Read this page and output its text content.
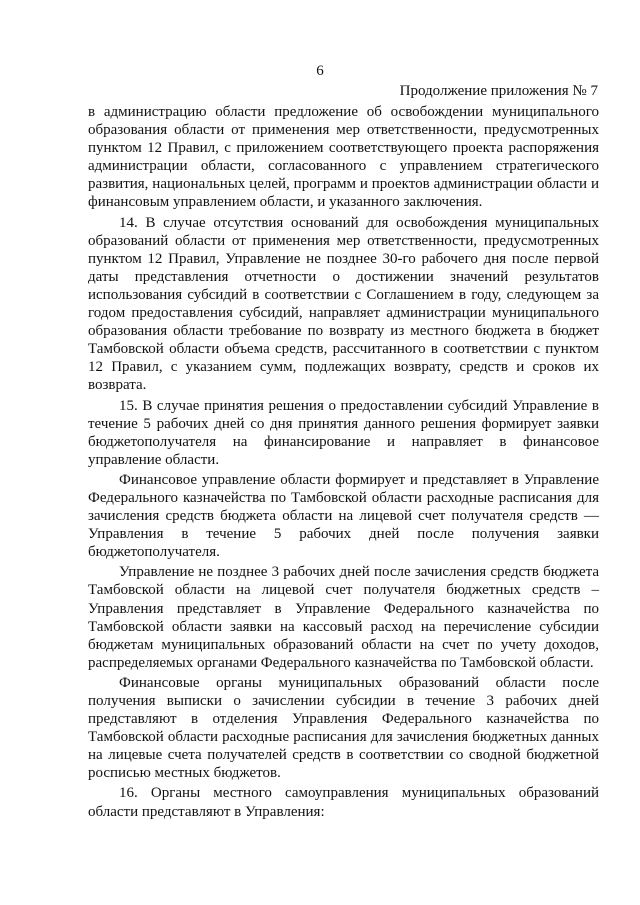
6
Продолжение приложения № 7

в администрацию области предложение об освобождении муниципального образования области от применения мер ответственности, предусмотренных пунктом 12 Правил, с приложением соответствующего проекта распоряжения администрации области, согласованного с управлением стратегического развития, национальных целей, программ и проектов администрации области и финансовым управлением области, и указанного заключения.

14. В случае отсутствия оснований для освобождения муниципальных образований области от применения мер ответственности, предусмотренных пунктом 12 Правил, Управление не позднее 30-го рабочего дня после первой даты представления отчетности о достижении значений результатов использования субсидий в соответствии с Соглашением в году, следующем за годом предоставления субсидий, направляет администрации муниципального образования области требование по возврату из местного бюджета в бюджет Тамбовской области объема средств, рассчитанного в соответствии с пунктом 12 Правил, с указанием сумм, подлежащих возврату, средств и сроков их возврата.

15. В случае принятия решения о предоставлении субсидий Управление в течение 5 рабочих дней со дня принятия данного решения формирует заявки бюджетополучателя на финансирование и направляет в финансовое управление области.

Финансовое управление области формирует и представляет в Управление Федерального казначейства по Тамбовской области расходные расписания для зачисления средств бюджета области на лицевой счет получателя средств — Управления в течение 5 рабочих дней после получения заявки бюджетополучателя.

Управление не позднее 3 рабочих дней после зачисления средств бюджета Тамбовской области на лицевой счет получателя бюджетных средств – Управления представляет в Управление Федерального казначейства по Тамбовской области заявки на кассовый расход на перечисление субсидии бюджетам муниципальных образований области на счет по учету доходов, распределяемых органами Федерального казначейства по Тамбовской области.

Финансовые органы муниципальных образований области после получения выписки о зачислении субсидии в течение 3 рабочих дней представляют в отделения Управления Федерального казначейства по Тамбовской области расходные расписания для зачисления бюджетных данных на лицевые счета получателей средств в соответствии со сводной бюджетной росписью местных бюджетов.

16. Органы местного самоуправления муниципальных образований области представляют в Управления:
